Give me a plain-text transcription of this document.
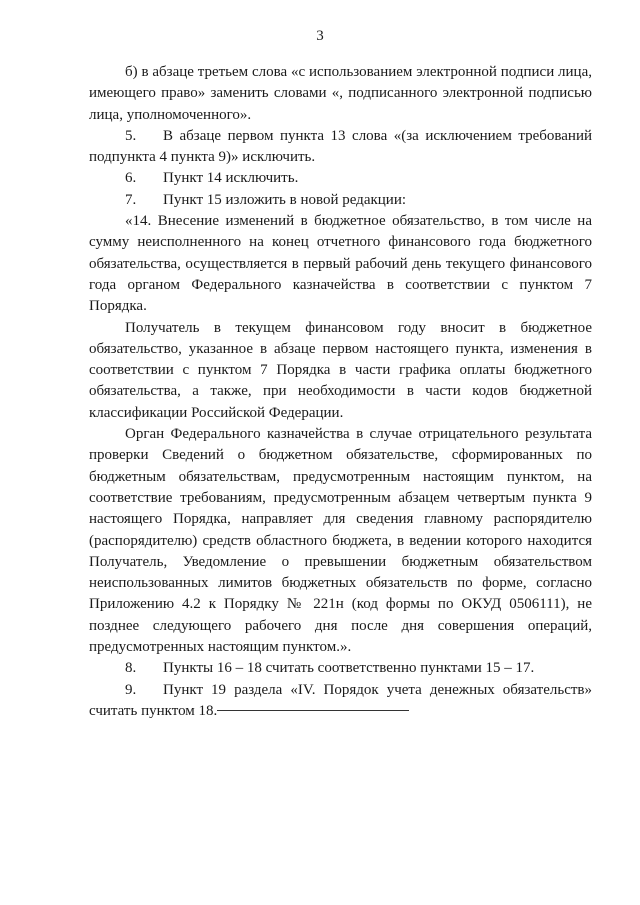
3

б) в абзаце третьем слова «с использованием электронной подписи лица, имеющего право» заменить словами «, подписанного электронной подписью лица, уполномоченного».

5. В абзаце первом пункта 13 слова «(за исключением требований подпункта 4 пункта 9)» исключить.

6. Пункт 14 исключить.

7. Пункт 15 изложить в новой редакции:

«14. Внесение изменений в бюджетное обязательство, в том числе на сумму неисполненного на конец отчетного финансового года бюджетного обязательства, осуществляется в первый рабочий день текущего финансового года органом Федерального казначейства в соответствии с пунктом 7 Порядка.

Получатель в текущем финансовом году вносит в бюджетное обязательство, указанное в абзаце первом настоящего пункта, изменения в соответствии с пунктом 7 Порядка в части графика оплаты бюджетного обязательства, а также, при необходимости в части кодов бюджетной классификации Российской Федерации.

Орган Федерального казначейства в случае отрицательного результата проверки Сведений о бюджетном обязательстве, сформированных по бюджетным обязательствам, предусмотренным настоящим пунктом, на соответствие требованиям, предусмотренным абзацем четвертым пункта 9 настоящего Порядка, направляет для сведения главному распорядителю (распорядителю) средств областного бюджета, в ведении которого находится Получатель, Уведомление о превышении бюджетным обязательством неиспользованных лимитов бюджетных обязательств по форме, согласно Приложению 4.2 к Порядку № 221н (код формы по ОКУД 0506111), не позднее следующего рабочего дня после дня совершения операций, предусмотренных настоящим пунктом.».

8. Пункты 16 – 18 считать соответственно пунктами 15 – 17.

9. Пункт 19 раздела «IV. Порядок учета денежных обязательств» считать пунктом 18.
